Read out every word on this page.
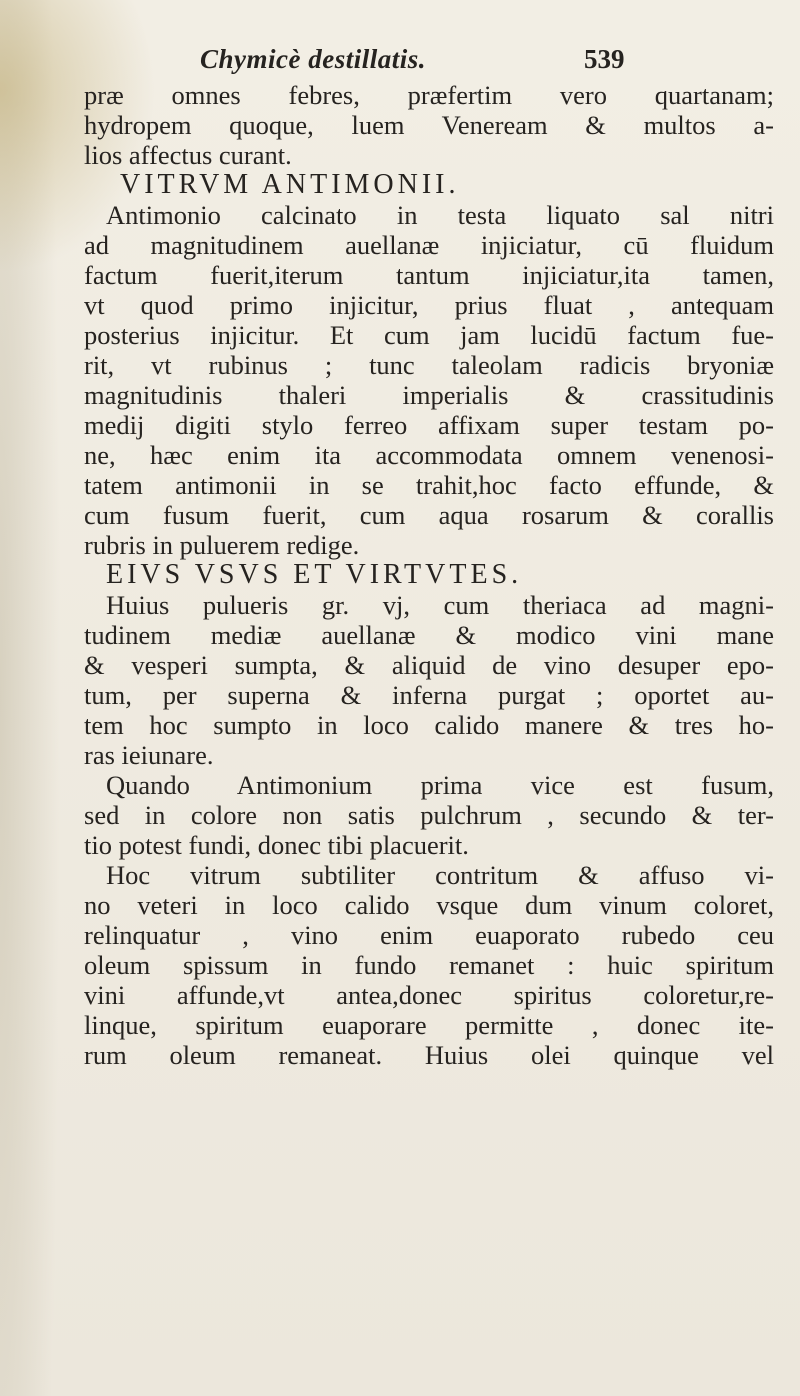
Chymicè destillatis.	539
præ omnes febres, præfertim vero quartanam;
hydropem quoque, luem Veneream & multos a-
lios affectus curant.
VITRVM ANTIMONII.
Antimonio calcinato in testa liquato sal nitri
ad magnitudinem auellanæ injiciatur, cū fluidum
factum fuerit,iterum tantum injiciatur,ita tamen,
vt quod primo injicitur, prius fluat , antequam
posterius injicitur. Et cum jam lucidū factum fue-
rit, vt rubinus ; tunc taleolam radicis bryoniæ
magnitudinis thaleri imperialis & crassitudinis
medij digiti stylo ferreo affixam super testam po-
ne, hæc enim ita accommodata omnem venenosi-
tatem antimonii in se trahit,hoc facto effunde, &
cum fusum fuerit, cum aqua rosarum & corallis
rubris in puluerem redige.
EIVS VSVS ET VIRTVTES.
Huius pulueris gr. vj, cum theriaca ad magni-
tudinem mediæ auellanæ & modico vini mane
& vesperi sumpta, & aliquid de vino desuper epo-
tum, per superna & inferna purgat ; oportet au-
tem hoc sumpto in loco calido manere & tres ho-
ras ieiunare.
Quando Antimonium prima vice est fusum,
sed in colore non satis pulchrum , secundo & ter-
tio potest fundi, donec tibi placuerit.
Hoc vitrum subtiliter contritum & affuso vi-
no veteri in loco calido vsque dum vinum coloret,
relinquatur , vino enim euaporato rubedo ceu
oleum spissum in fundo remanet : huic spiritum
vini affunde,vt antea,donec spiritus coloretur,re-
linque, spiritum euaporare permitte , donec ite-
rum oleum remaneat. Huius olei quinque vel
